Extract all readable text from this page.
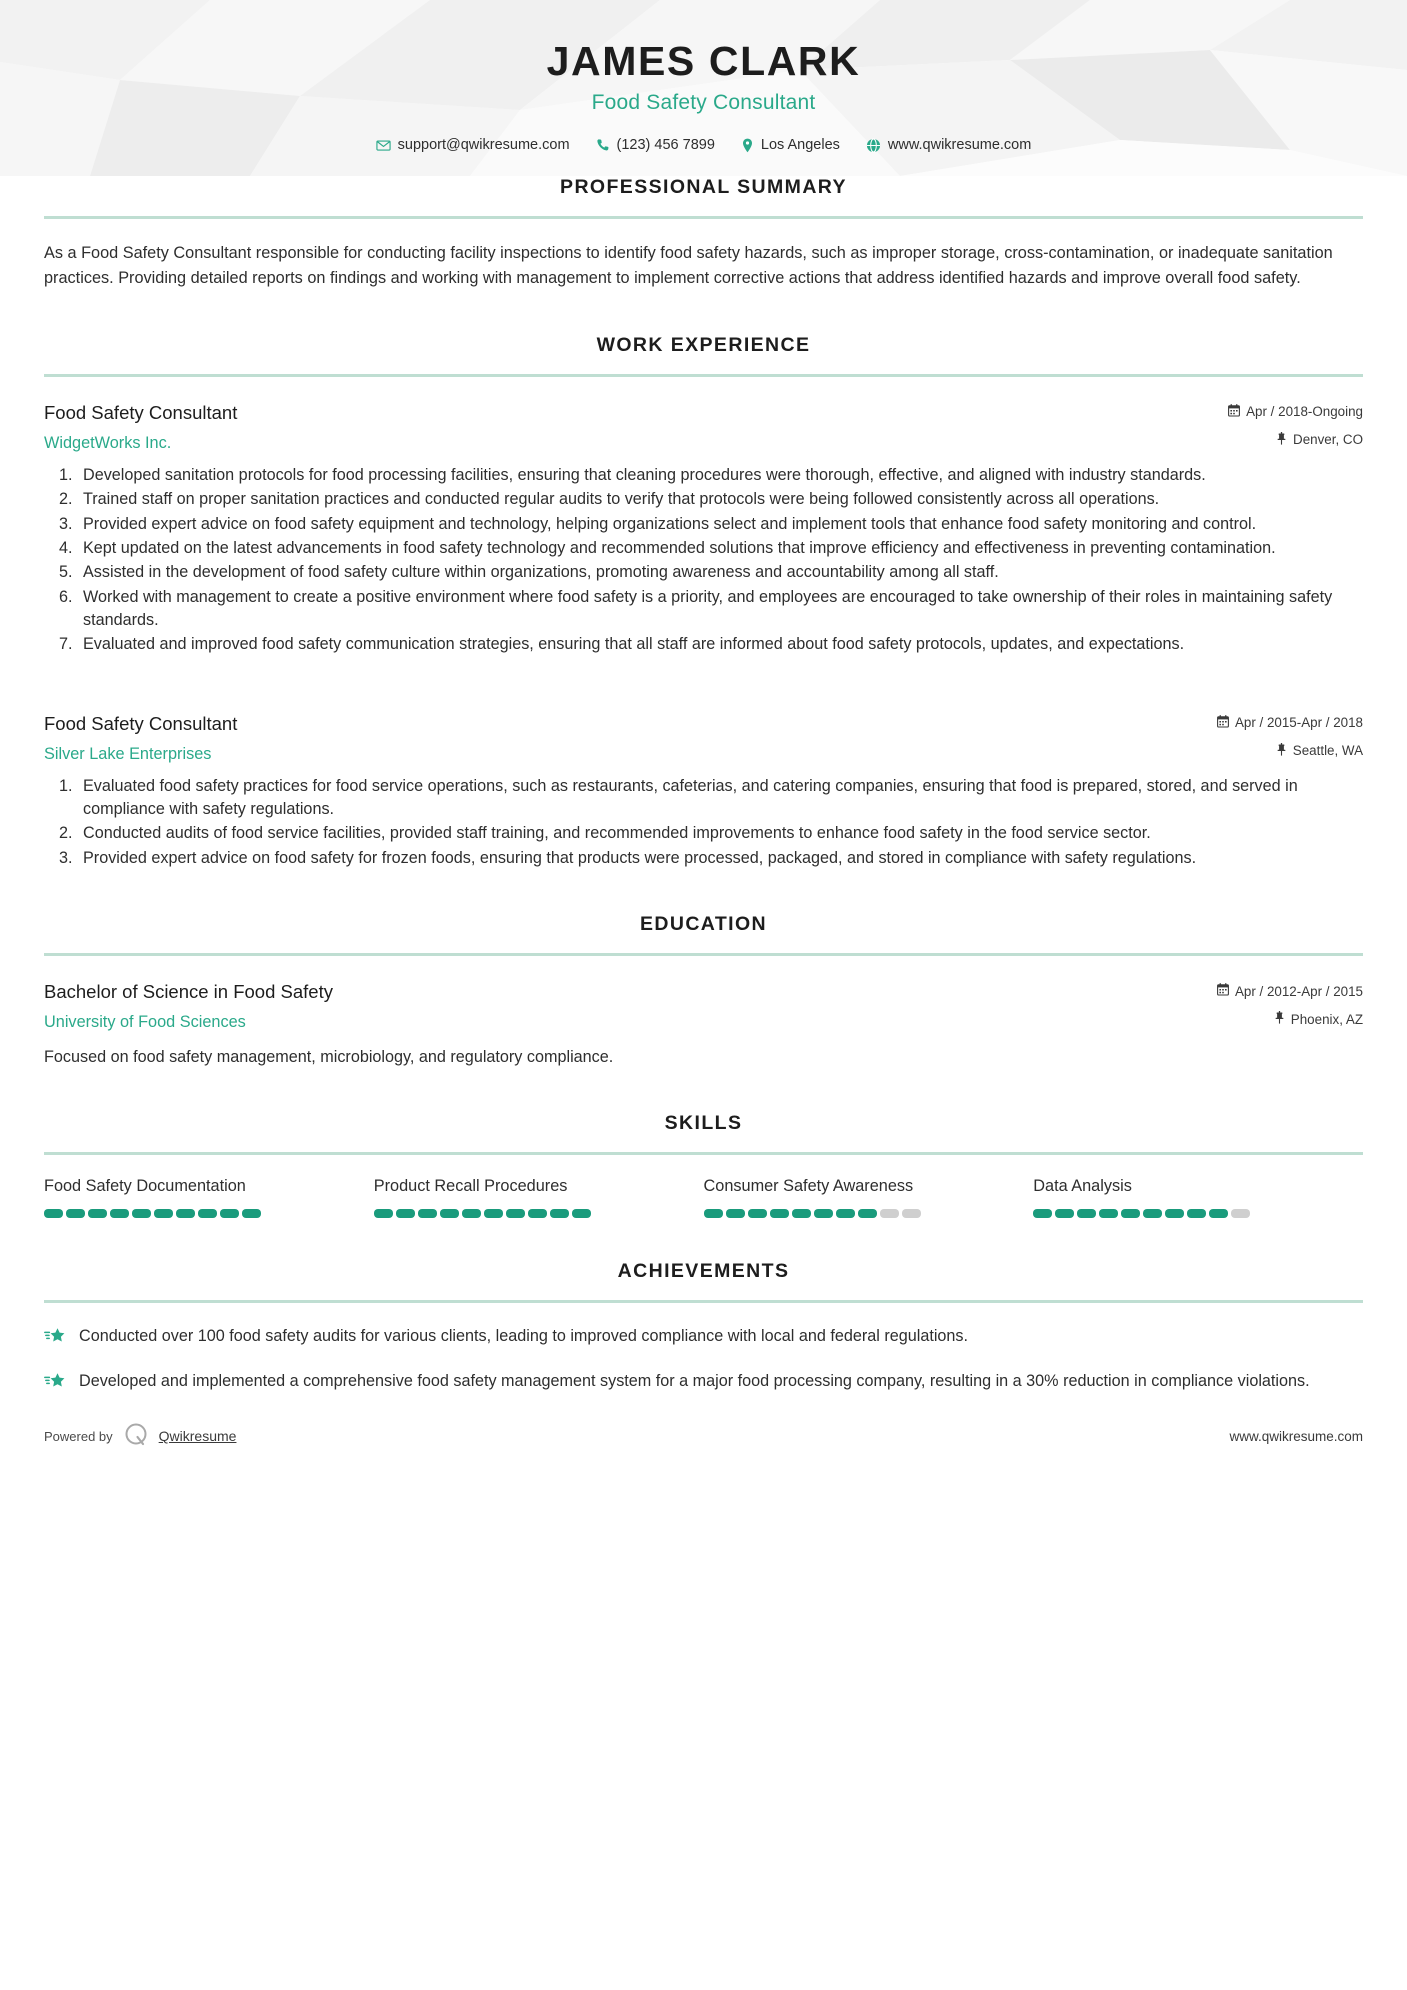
JAMES CLARK
Food Safety Consultant
support@qwikresume.com	(123) 456 7899	Los Angeles	www.qwikresume.com
PROFESSIONAL SUMMARY
As a Food Safety Consultant responsible for conducting facility inspections to identify food safety hazards, such as improper storage, cross-contamination, or inadequate sanitation practices. Providing detailed reports on findings and working with management to implement corrective actions that address identified hazards and improve overall food safety.
WORK EXPERIENCE
Food Safety Consultant
WidgetWorks Inc.
Apr / 2018-Ongoing
Denver, CO
1. Developed sanitation protocols for food processing facilities, ensuring that cleaning procedures were thorough, effective, and aligned with industry standards.
2. Trained staff on proper sanitation practices and conducted regular audits to verify that protocols were being followed consistently across all operations.
3. Provided expert advice on food safety equipment and technology, helping organizations select and implement tools that enhance food safety monitoring and control.
4. Kept updated on the latest advancements in food safety technology and recommended solutions that improve efficiency and effectiveness in preventing contamination.
5. Assisted in the development of food safety culture within organizations, promoting awareness and accountability among all staff.
6. Worked with management to create a positive environment where food safety is a priority, and employees are encouraged to take ownership of their roles in maintaining safety standards.
7. Evaluated and improved food safety communication strategies, ensuring that all staff are informed about food safety protocols, updates, and expectations.
Food Safety Consultant
Silver Lake Enterprises
Apr / 2015-Apr / 2018
Seattle, WA
1. Evaluated food safety practices for food service operations, such as restaurants, cafeterias, and catering companies, ensuring that food is prepared, stored, and served in compliance with safety regulations.
2. Conducted audits of food service facilities, provided staff training, and recommended improvements to enhance food safety in the food service sector.
3. Provided expert advice on food safety for frozen foods, ensuring that products were processed, packaged, and stored in compliance with safety regulations.
EDUCATION
Bachelor of Science in Food Safety
University of Food Sciences
Apr / 2012-Apr / 2015
Phoenix, AZ
Focused on food safety management, microbiology, and regulatory compliance.
SKILLS
Food Safety Documentation	Product Recall Procedures	Consumer Safety Awareness	Data Analysis
ACHIEVEMENTS
Conducted over 100 food safety audits for various clients, leading to improved compliance with local and federal regulations.
Developed and implemented a comprehensive food safety management system for a major food processing company, resulting in a 30% reduction in compliance violations.
Powered by	Qwikresume	www.qwikresume.com
